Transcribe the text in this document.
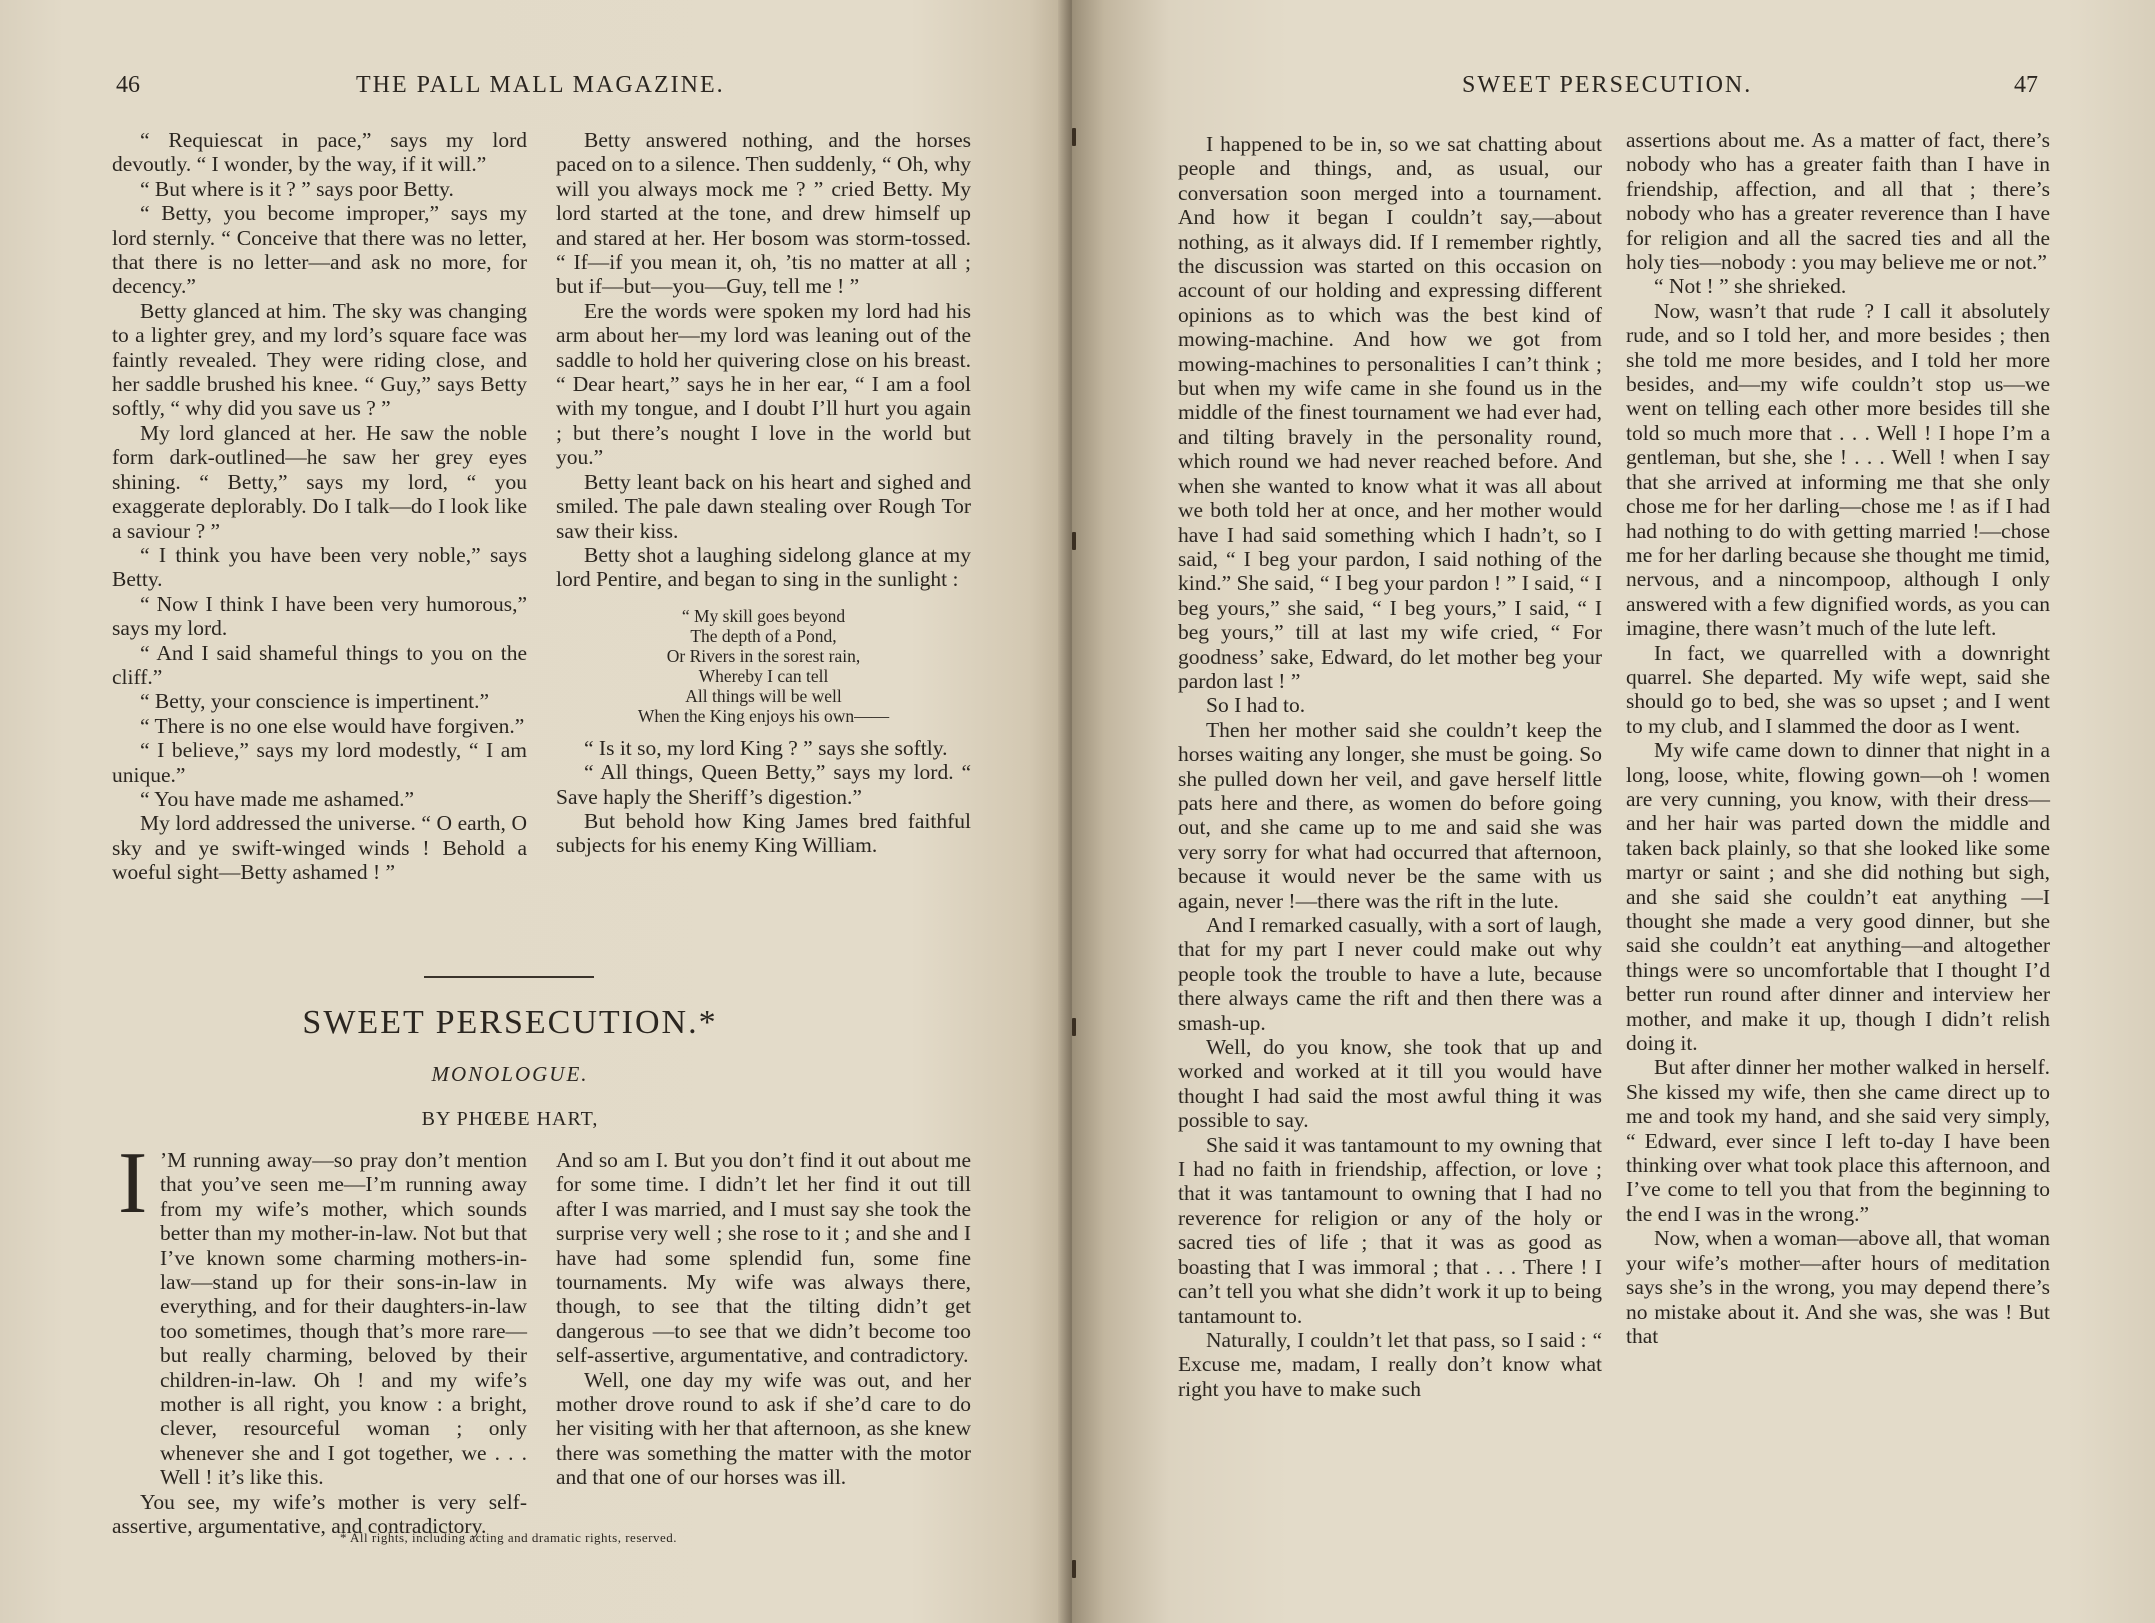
46	THE PALL MALL MAGAZINE.

“ Requiescat in pace,” says my lord devoutly. “ I wonder, by the way, if it will.”

“ But where is it ? ” says poor Betty.

“ Betty, you become improper,” says my lord sternly. “ Conceive that there was no letter, that there is no letter—and ask no more, for decency.”

Betty glanced at him. The sky was changing to a lighter grey, and my lord’s square face was faintly revealed. They were riding close, and her saddle brushed his knee. “ Guy,” says Betty softly, “ why did you save us ? ”

My lord glanced at her. He saw the noble form dark-outlined—he saw her grey eyes shining. “ Betty,” says my lord, “ you exaggerate deplorably. Do I talk—do I look like a saviour ? ”

“ I think you have been very noble,” says Betty.

“ Now I think I have been very humorous,” says my lord.

“ And I said shameful things to you on the cliff.”

“ Betty, your conscience is impertinent.”

“ There is no one else would have forgiven.”

“ I believe,” says my lord modestly, “ I am unique.”

“ You have made me ashamed.”

My lord addressed the universe. “ O earth, O sky and ye swift-winged winds ! Behold a woeful sight—Betty ashamed ! ”

Betty answered nothing, and the horses paced on to a silence. Then suddenly, “ Oh, why will you always mock me ? ” cried Betty. My lord started at the tone, and drew himself up and stared at her. Her bosom was storm-tossed. “ If—if you mean it, oh, ’tis no matter at all ; but if—but—you—Guy, tell me ! ”

Ere the words were spoken my lord had his arm about her—my lord was leaning out of the saddle to hold her quivering close on his breast. “ Dear heart,” says he in her ear, “ I am a fool with my tongue, and I doubt I’ll hurt you again ; but there’s nought I love in the world but you.”

Betty leant back on his heart and sighed and smiled. The pale dawn stealing over Rough Tor saw their kiss.

Betty shot a laughing sidelong glance at my lord Pentire, and began to sing in the sunlight :

“ My skill goes beyond

The depth of a Pond,

Or Rivers in the sorest rain,

Whereby I can tell

All things will be well

When the King enjoys his own——

“ Is it so, my lord King ? ” says she softly.

“ All things, Queen Betty,” says my lord. “ Save haply the Sheriff’s digestion.”

But behold how King James bred faithful subjects for his enemy King William.

SWEET PERSECUTION.*
MONOLOGUE.
BY PHŒBE HART,
I ’M running away—so pray don’t mention that you’ve seen me—I’m running away from my wife’s mother, which sounds better than my mother-in-law. Not but that I’ve known some charming mothers-in-law—stand up for their sons-in-law in everything, and for their daughters-in-law too sometimes, though that’s more rare—but really charming, beloved by their children-in-law. Oh ! and my wife’s mother is all right, you know : a bright, clever, resourceful woman ; only whenever she and I got together, we . . . Well ! it’s like this.

You see, my wife’s mother is very self-assertive, argumentative, and contradictory.

And so am I. But you don’t find it out about me for some time. I didn’t let her find it out till after I was married, and I must say she took the surprise very well ; she rose to it ; and she and I have had some splendid fun, some fine tournaments. My wife was always there, though, to see that the tilting didn’t get dangerous —to see that we didn’t become too self-assertive, argumentative, and contradictory.

Well, one day my wife was out, and her mother drove round to ask if she’d care to do her visiting with her that afternoon, as she knew there was something the matter with the motor and that one of our horses was ill.

* All rights, including acting and dramatic rights, reserved.
SWEET PERSECUTION.	47

I happened to be in, so we sat chatting about people and things, and, as usual, our conversation soon merged into a tournament. And how it began I couldn’t say,—about nothing, as it always did. If I remember rightly, the discussion was started on this occasion on account of our holding and expressing different opinions as to which was the best kind of mowing-machine. And how we got from mowing-machines to personalities I can’t think ; but when my wife came in she found us in the middle of the finest tournament we had ever had, and tilting bravely in the personality round, which round we had never reached before. And when she wanted to know what it was all about we both told her at once, and her mother would have I had said something which I hadn’t, so I said, “ I beg your pardon, I said nothing of the kind.” She said, “ I beg your pardon ! ” I said, “ I beg yours,” she said, “ I beg yours,” I said, “ I beg yours,” till at last my wife cried, “ For goodness’ sake, Edward, do let mother beg your pardon last ! ”

So I had to.

Then her mother said she couldn’t keep the horses waiting any longer, she must be going. So she pulled down her veil, and gave herself little pats here and there, as women do before going out, and she came up to me and said she was very sorry for what had occurred that afternoon, because it would never be the same with us again, never !—there was the rift in the lute.

And I remarked casually, with a sort of laugh, that for my part I never could make out why people took the trouble to have a lute, because there always came the rift and then there was a smash-up.

Well, do you know, she took that up and worked and worked at it till you would have thought I had said the most awful thing it was possible to say.

She said it was tantamount to my owning that I had no faith in friendship, affection, or love ; that it was tantamount to owning that I had no reverence for religion or any of the holy or sacred ties of life ; that it was as good as boasting that I was immoral ; that . . . There ! I can’t tell you what she didn’t work it up to being tantamount to.

Naturally, I couldn’t let that pass, so I said : “ Excuse me, madam, I really don’t know what right you have to make such

assertions about me. As a matter of fact, there’s nobody who has a greater faith than I have in friendship, affection, and all that ; there’s nobody who has a greater reverence than I have for religion and all the sacred ties and all the holy ties—nobody : you may believe me or not.”

“ Not ! ” she shrieked.

Now, wasn’t that rude ? I call it absolutely rude, and so I told her, and more besides ; then she told me more besides, and I told her more besides, and—my wife couldn’t stop us—we went on telling each other more besides till she told so much more that . . . Well ! I hope I’m a gentleman, but she, she ! . . . Well ! when I say that she arrived at informing me that she only chose me for her darling—chose me ! as if I had had nothing to do with getting married !—chose me for her darling because she thought me timid, nervous, and a nincompoop, although I only answered with a few dignified words, as you can imagine, there wasn’t much of the lute left.

In fact, we quarrelled with a downright quarrel. She departed. My wife wept, said she should go to bed, she was so upset ; and I went to my club, and I slammed the door as I went.

My wife came down to dinner that night in a long, loose, white, flowing gown—oh ! women are very cunning, you know, with their dress—and her hair was parted down the middle and taken back plainly, so that she looked like some martyr or saint ; and she did nothing but sigh, and she said she couldn’t eat anything —I thought she made a very good dinner, but she said she couldn’t eat anything—and altogether things were so uncomfortable that I thought I’d better run round after dinner and interview her mother, and make it up, though I didn’t relish doing it.

But after dinner her mother walked in herself. She kissed my wife, then she came direct up to me and took my hand, and she said very simply, “ Edward, ever since I left to-day I have been thinking over what took place this afternoon, and I’ve come to tell you that from the beginning to the end I was in the wrong.”

Now, when a woman—above all, that woman your wife’s mother—after hours of meditation says she’s in the wrong, you may depend there’s no mistake about it. And she was, she was ! But that
